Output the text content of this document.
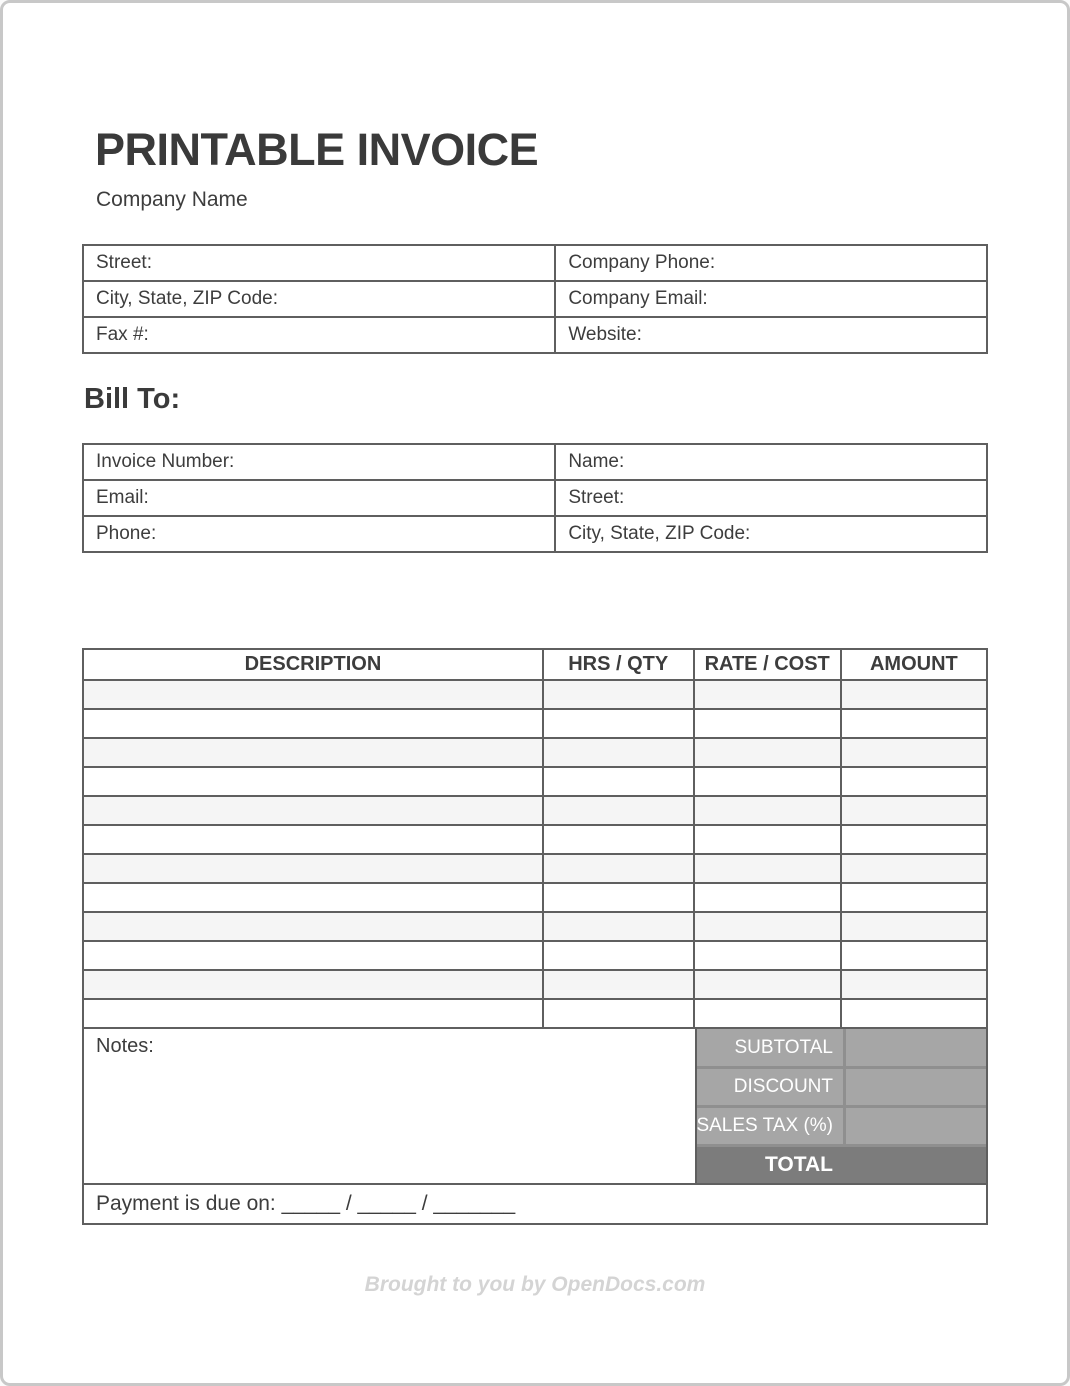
PRINTABLE INVOICE
Company Name
Street:	Company Phone:
City, State, ZIP Code:	Company Email:
Fax #:	Website:
Bill To:
Invoice Number:	Name:
Email:	Street:
Phone:	City, State, ZIP Code:
DESCRIPTION	HRS / QTY	RATE / COST	AMOUNT

Notes:	SUBTOTAL
DISCOUNT
SALES TAX (%)
TOTAL
Payment is due on: _____ / _____ / _______
Brought to you by OpenDocs.com
